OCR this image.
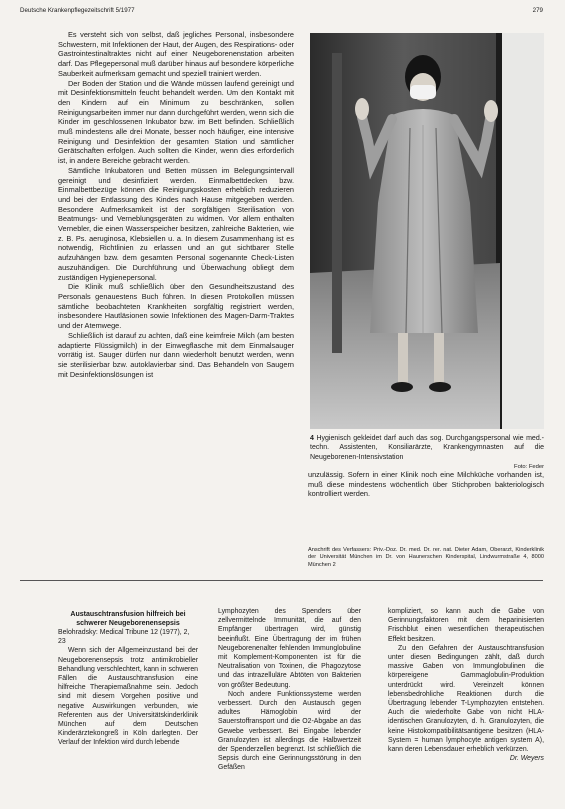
Deutsche Krankenpflegezeitschrift 5/1977	279

Es versteht sich von selbst, daß jegliches Personal, insbesondere Schwestern, mit Infektionen der Haut, der Augen, des Respirations- oder Gastrointestinaltraktes nicht auf einer Neugeborenenstation arbeiten darf. Das Pflegepersonal muß darüber hinaus auf besondere körperliche Sauberkeit aufmerksam gemacht und speziell trainiert werden.

Der Boden der Station und die Wände müssen laufend gereinigt und mit Desinfektionsmitteln feucht behandelt werden. Um den Kontakt mit den Kindern auf ein Minimum zu beschränken, sollen Reinigungsarbeiten immer nur dann durchgeführt werden, wenn sich die Kinder im geschlossenen Inkubator bzw. im Bett befinden. Schließlich muß mindestens alle drei Monate, besser noch häufiger, eine intensive Reinigung und Desinfektion der gesamten Station und sämtlicher Gerätschaften erfolgen. Auch sollten die Kinder, wenn dies erforderlich ist, in andere Bereiche gebracht werden.

Sämtliche Inkubatoren und Betten müssen im Belegungsintervall gereinigt und desinfiziert werden. Einmalbettdecken bzw. Einmalbettbezüge können die Reinigungskosten erheblich reduzieren und bei der Entlassung des Kindes nach Hause mitgegeben werden. Besondere Aufmerksamkeit ist der sorgfältigen Sterilisation von Beatmungs- und Verneblungsgeräten zu widmen. Vor allem enthalten Vernebler, die einen Wasserspeicher besitzen, zahlreiche Bakterien, wie z. B. Ps. aeruginosa, Klebsiellen u. a. In diesem Zusammenhang ist es notwendig, Richtlinien zu erlassen und an gut sichtbarer Stelle aufzuhängen bzw. dem gesamten Personal sogenannte Check-Listen auszuhändigen. Die Durchführung und Überwachung obliegt dem zuständigen Hygienepersonal.

Die Klinik muß schließlich über den Gesundheitszustand des Personals genauestens Buch führen. In diesen Protokollen müssen sämtliche beobachteten Krankheiten sorgfältig registriert werden, insbesondere Hautläsionen sowie Infektionen des Magen-Darm-Traktes und der Atemwege.

Schließlich ist darauf zu achten, daß eine keimfreie Milch (am besten adaptierte Flüssigmilch) in der Einwegflasche mit dem Einmalsauger vorrätig ist. Sauger dürfen nur dann wiederholt benutzt werden, wenn sie sterilisierbar bzw. autoklavierbar sind. Das Behandeln von Saugern mit Desinfektionslösungen ist

4 Hygienisch gekleidet darf auch das sog. Durchgangspersonal wie med.-techn. Assistenten, Konsiliarärzte, Krankengymnasten auf die Neugeborenen-Intensivstation
Foto: Feder

unzulässig. Sofern in einer Klinik noch eine Milchküche vorhanden ist, muß diese mindestens wöchentlich über Stichproben bakteriologisch kontrolliert werden.

Anschrift des Verfassers: Priv.-Doz. Dr. med. Dr. rer. nat. Dieter Adam, Oberarzt, Kinderklinik der Universität München im Dr. von Haunerschen Kinderspital, Lindwurmstraße 4, 8000 München 2

Austauschtransfusion hilfreich bei schwerer Neugeborenensepsis

Belohradsky: Medical Tribune 12 (1977), 2, 23

Wenn sich der Allgemeinzustand bei der Neugeborenensepsis trotz antimikrobieller Behandlung verschlechtert, kann in schweren Fällen die Austauschtransfusion eine hilfreiche Therapiemaßnahme sein. Jedoch sind mit diesem Vorgehen positive und negative Auswirkungen verbunden, wie Referenten aus der Universitätskinderklinik München auf dem Deutschen Kinderärztekongreß in Köln darlegten. Der Verlauf der Infektion wird durch lebende

Lymphozyten des Spenders über zellvermittelnde Immunität, die auf den Empfänger übertragen wird, günstig beeinflußt. Eine Übertragung der im frühen Neugeborenenalter fehlenden Immunglobuline mit Komplement-Komponenten ist für die Neutralisation von Toxinen, die Phagozytose und das intrazelluläre Abtöten von Bakterien von größter Bedeutung.

Noch andere Funktionssysteme werden verbessert. Durch den Austausch gegen adultes Hämoglobin wird der Sauerstoffransport und die O2-Abgabe an das Gewebe verbessert. Bei Eingabe lebender Granulozyten ist allerdings die Halbwertzeit der Spenderzellen begrenzt. Ist schließlich die Sepsis durch eine Gerinnungsstörung in den Gefäßen

kompliziert, so kann auch die Gabe von Gerinnungsfaktoren mit dem heparinisierten Frischblut einen wesentlichen therapeutischen Effekt besitzen.

Zu den Gefahren der Austauschtransfusion unter diesen Bedingungen zählt, daß durch massive Gaben von Immunglobulinen die körpereigene Gammaglobulin-Produktion unterdrückt wird. Vereinzelt können lebensbedrohliche Reaktionen durch die Übertragung lebender T-Lymphozyten entstehen. Auch die wiederholte Gabe von nicht HLA-identischen Granulozyten, d. h. Granulozyten, die keine Histokompatibilitätsantigene besitzen (HLA-System = human lymphocyte antigen system A), kann deren Lebensdauer erheblich verkürzen.

Dr. Weyers
